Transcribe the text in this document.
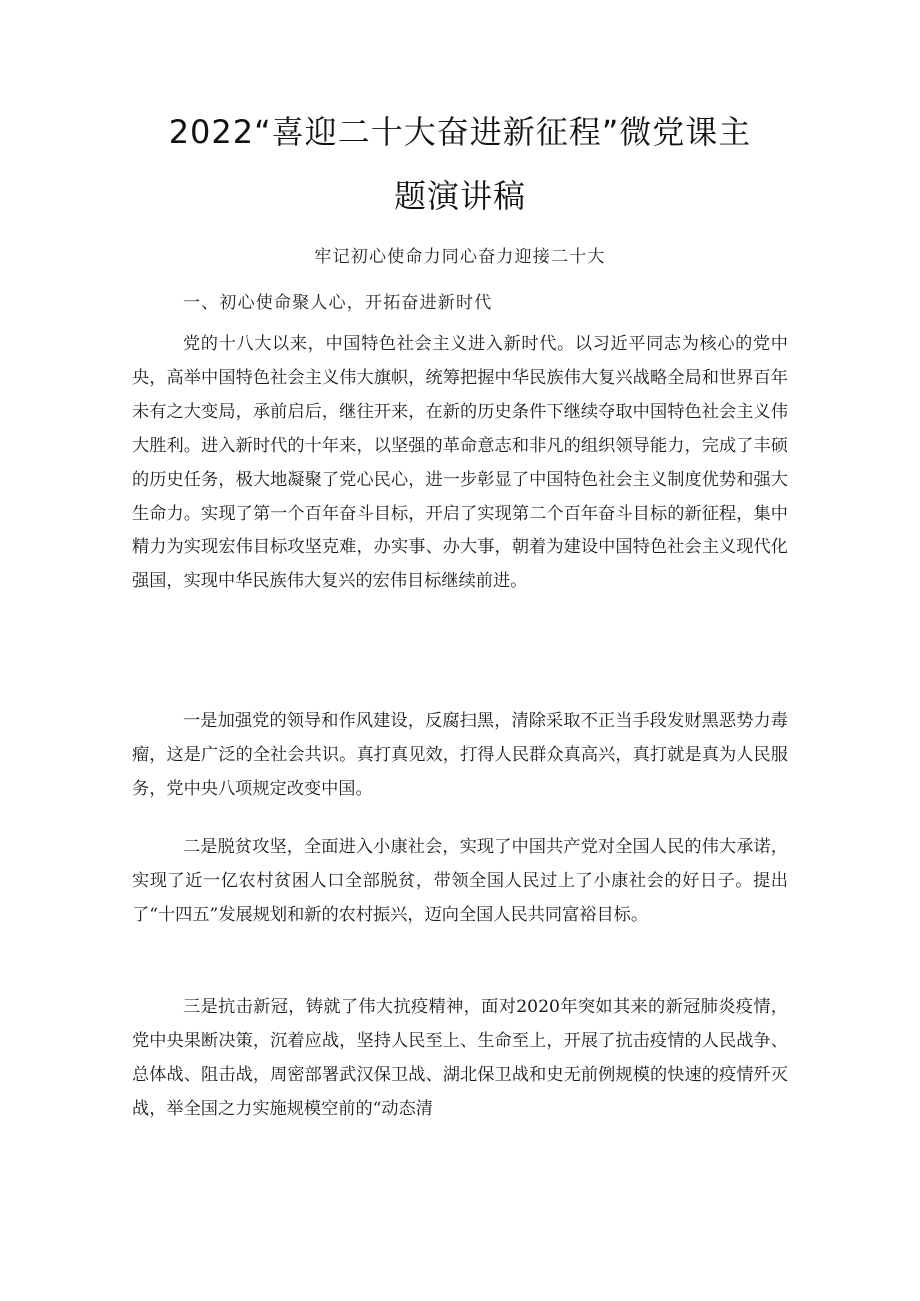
2022“喜迎二十大奋进新征程”微党课主
题演讲稿
牢记初心使命力同心奋力迎接二十大
一、初心使命聚人心，开拓奋进新时代

党的十八大以来，中国特色社会主义进入新时代。以习近平同志为核心的党中央，高举中国特色社会主义伟大旗帜，统筹把握中华民族伟大复兴战略全局和世界百年未有之大变局，承前启后，继往开来，在新的历史条件下继续夺取中国特色社会主义伟大胜利。进入新时代的十年来，以坚强的革命意志和非凡的组织领导能力，完成了丰硕的历史任务，极大地凝聚了党心民心，进一步彰显了中国特色社会主义制度优势和强大生命力。实现了第一个百年奋斗目标，开启了实现第二个百年奋斗目标的新征程，集中精力为实现宏伟目标攻坚克难，办实事、办大事，朝着为建设中国特色社会主义现代化强国，实现中华民族伟大复兴的宏伟目标继续前进。

一是加强党的领导和作风建设，反腐扫黑，清除采取不正当手段发财黑恶势力毒瘤，这是广泛的全社会共识。真打真见效，打得人民群众真高兴，真打就是真为人民服务，党中央八项规定改变中国。

二是脱贫攻坚，全面进入小康社会，实现了中国共产党对全国人民的伟大承诺，实现了近一亿农村贫困人口全部脱贫，带领全国人民过上了小康社会的好日子。提出了“十四五”发展规划和新的农村振兴，迈向全国人民共同富裕目标。

三是抗击新冠，铸就了伟大抗疫精神，面对2020年突如其来的新冠肺炎疫情，党中央果断决策，沉着应战，坚持人民至上、生命至上，开展了抗击疫情的人民战争、总体战、阻击战，周密部署武汉保卫战、湖北保卫战和史无前例规模的快速的疫情歼灭战，举全国之力实施规模空前的“动态清
